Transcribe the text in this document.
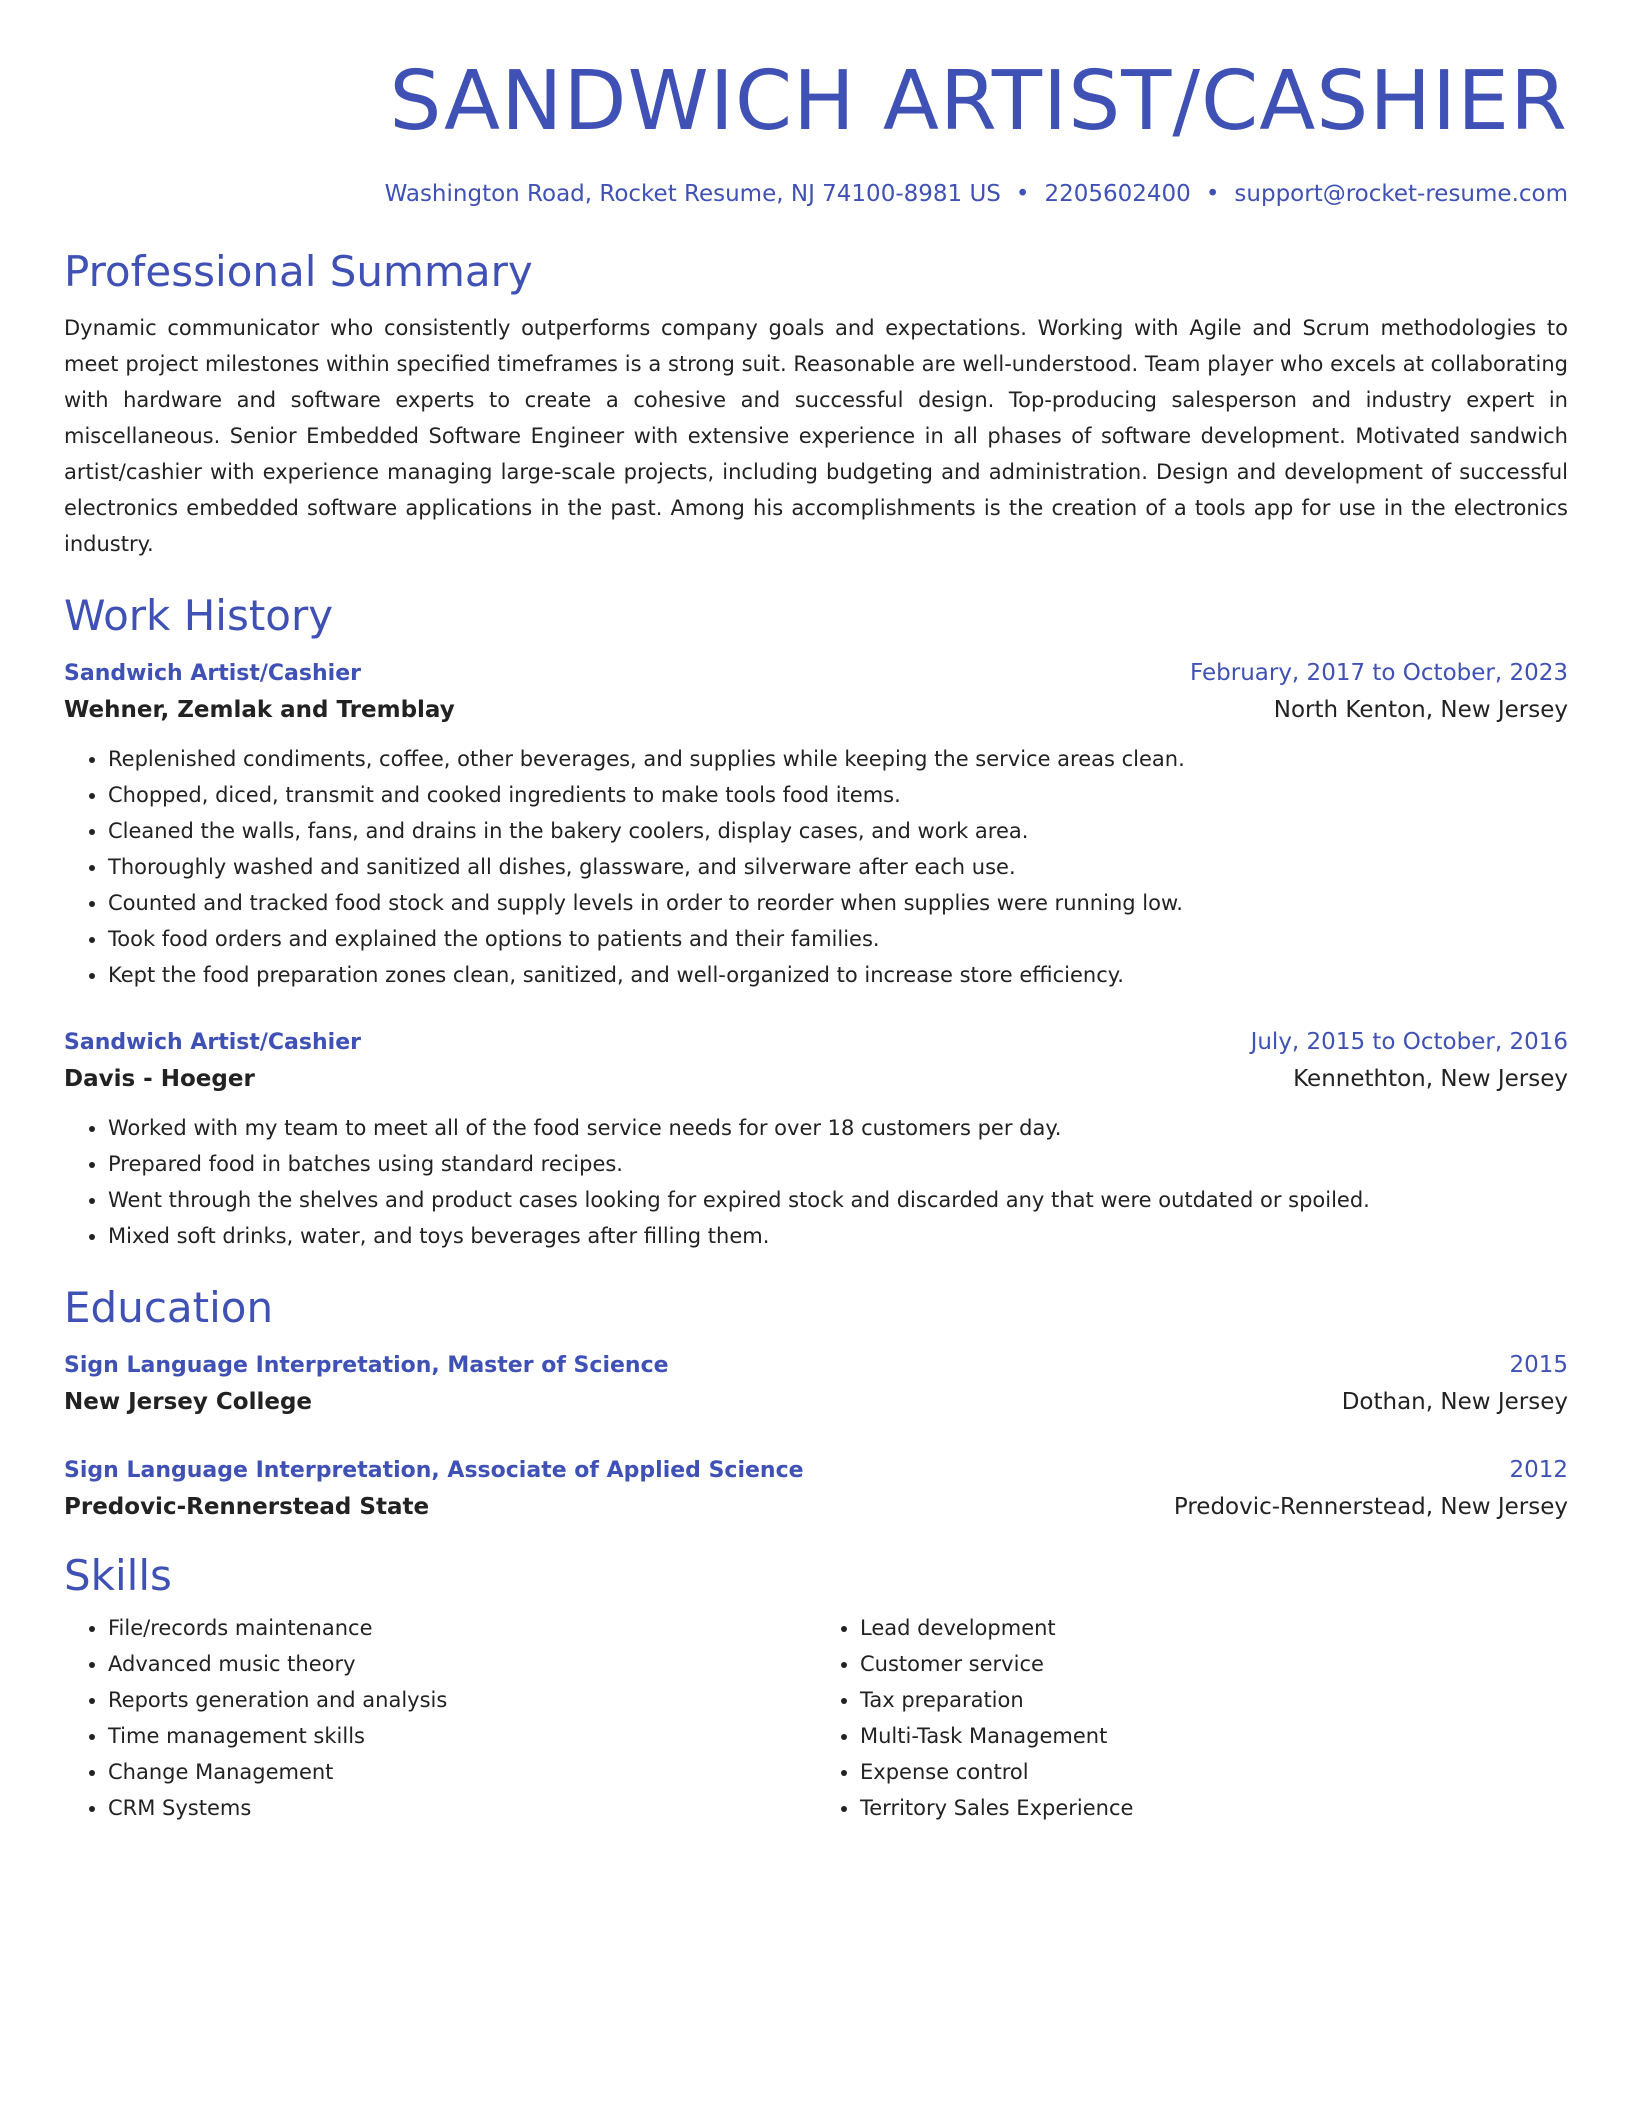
SANDWICH ARTIST/CASHIER
Washington Road, Rocket Resume, NJ 74100-8981 US • 2205602400 • support@rocket-resume.com
Professional Summary
Dynamic communicator who consistently outperforms company goals and expectations. Working with Agile and Scrum methodologies to meet project milestones within specified timeframes is a strong suit. Reasonable are well-understood. Team player who excels at collaborating with hardware and software experts to create a cohesive and successful design. Top-producing salesperson and industry expert in miscellaneous. Senior Embedded Software Engineer with extensive experience in all phases of software development. Motivated sandwich artist/cashier with experience managing large-scale projects, including budgeting and administration. Design and development of successful electronics embedded software applications in the past. Among his accomplishments is the creation of a tools app for use in the electronics industry.
Work History
Sandwich Artist/Cashier	February, 2017 to October, 2023
Wehner, Zemlak and Tremblay	North Kenton, New Jersey
• Replenished condiments, coffee, other beverages, and supplies while keeping the service areas clean.
• Chopped, diced, transmit and cooked ingredients to make tools food items.
• Cleaned the walls, fans, and drains in the bakery coolers, display cases, and work area.
• Thoroughly washed and sanitized all dishes, glassware, and silverware after each use.
• Counted and tracked food stock and supply levels in order to reorder when supplies were running low.
• Took food orders and explained the options to patients and their families.
• Kept the food preparation zones clean, sanitized, and well-organized to increase store efficiency.
Sandwich Artist/Cashier	July, 2015 to October, 2016
Davis - Hoeger	Kennethton, New Jersey
• Worked with my team to meet all of the food service needs for over 18 customers per day.
• Prepared food in batches using standard recipes.
• Went through the shelves and product cases looking for expired stock and discarded any that were outdated or spoiled.
• Mixed soft drinks, water, and toys beverages after filling them.
Education
Sign Language Interpretation, Master of Science	2015
New Jersey College	Dothan, New Jersey
Sign Language Interpretation, Associate of Applied Science	2012
Predovic-Rennerstead State	Predovic-Rennerstead, New Jersey
Skills
• File/records maintenance
• Advanced music theory
• Reports generation and analysis
• Time management skills
• Change Management
• CRM Systems
• Lead development
• Customer service
• Tax preparation
• Multi-Task Management
• Expense control
• Territory Sales Experience
